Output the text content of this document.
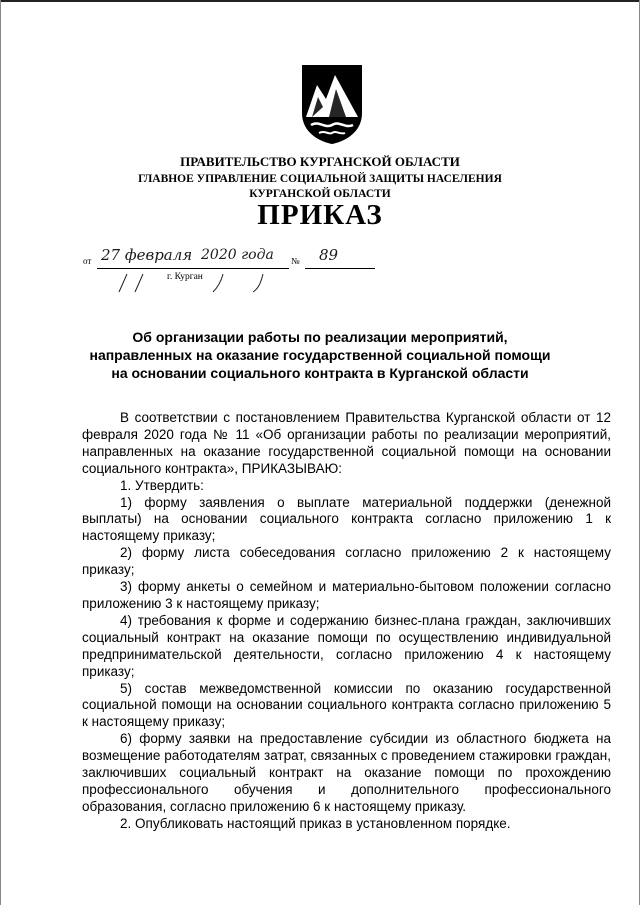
ПРАВИТЕЛЬСТВО КУРГАНСКОЙ ОБЛАСТИ
ГЛАВНОЕ УПРАВЛЕНИЕ СОЦИАЛЬНОЙ ЗАЩИТЫ НАСЕЛЕНИЯ
КУРГАНСКОЙ ОБЛАСТИ
ПРИКАЗ
от 27 февраля 2020 года № 89
г. Курган
Об организации работы по реализации мероприятий, направленных на оказание государственной социальной помощи на основании социального контракта в Курганской области

В соответствии с постановлением Правительства Курганской области от 12 февраля 2020 года № 11 «Об организации работы по реализации мероприятий, направленных на оказание государственной социальной помощи на основании социального контракта», ПРИКАЗЫВАЮ:

1. Утвердить:

1) форму заявления о выплате материальной поддержки (денежной выплаты) на основании социального контракта согласно приложению 1 к настоящему приказу;

2) форму листа собеседования согласно приложению 2 к настоящему приказу;

3) форму анкеты о семейном и материально-бытовом положении согласно приложению 3 к настоящему приказу;

4) требования к форме и содержанию бизнес-плана граждан, заключивших социальный контракт на оказание помощи по осуществлению индивидуальной предпринимательской деятельности, согласно приложению 4 к настоящему приказу;

5) состав межведомственной комиссии по оказанию государственной социальной помощи на основании социального контракта согласно приложению 5 к настоящему приказу;

6) форму заявки на предоставление субсидии из областного бюджета на возмещение работодателям затрат, связанных с проведением стажировки граждан, заключивших социальный контракт на оказание помощи по прохождению профессионального обучения и дополнительного профессионального образования, согласно приложению 6 к настоящему приказу.

2. Опубликовать настоящий приказ в установленном порядке.
